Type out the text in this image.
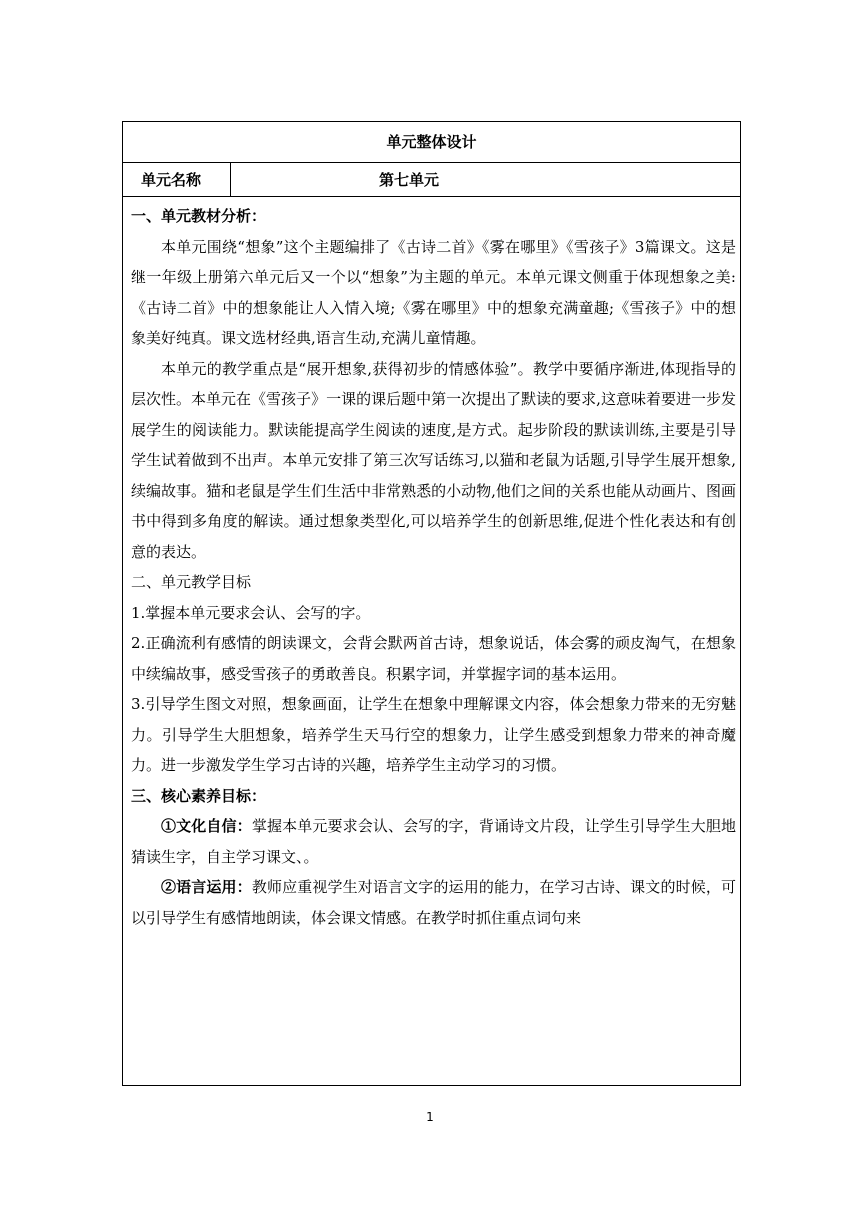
单元整体设计
单元名称	第七单元

一、单元教材分析：

本单元围绕“想象”这个主题编排了《古诗二首》《雾在哪里》《雪孩子》3篇课文。这是继一年级上册第六单元后又一个以“想象”为主题的单元。本单元课文侧重于体现想象之美:《古诗二首》中的想象能让人入情入境;《雾在哪里》中的想象充满童趣;《雪孩子》中的想象美好纯真。课文选材经典,语言生动,充满儿童情趣。

本单元的教学重点是“展开想象,获得初步的情感体验”。教学中要循序渐进,体现指导的层次性。本单元在《雪孩子》一课的课后题中第一次提出了默读的要求,这意味着要进一步发展学生的阅读能力。默读能提高学生阅读的速度,是方式。起步阶段的默读训练,主要是引导学生试着做到不出声。本单元安排了第三次写话练习,以猫和老鼠为话题,引导学生展开想象,续编故事。猫和老鼠是学生们生活中非常熟悉的小动物,他们之间的关系也能从动画片、图画书中得到多角度的解读。通过想象类型化,可以培养学生的创新思维,促进个性化表达和有创意的表达。

二、单元教学目标

1.掌握本单元要求会认、会写的字。

2.正确流利有感情的朗读课文，会背会默两首古诗，想象说话，体会雾的顽皮淘气，在想象中续编故事，感受雪孩子的勇敢善良。积累字词，并掌握字词的基本运用。

3.引导学生图文对照，想象画面，让学生在想象中理解课文内容，体会想象力带来的无穷魅力。引导学生大胆想象，培养学生天马行空的想象力，让学生感受到想象力带来的神奇魔力。进一步激发学生学习古诗的兴趣，培养学生主动学习的习惯。

三、核心素养目标：

①文化自信：掌握本单元要求会认、会写的字，背诵诗文片段，让学生引导学生大胆地猜读生字，自主学习课文、。

②语言运用：教师应重视学生对语言文字的运用的能力，在学习古诗、课文的时候，可以引导学生有感情地朗读，体会课文情感。在教学时抓住重点词句来

1
